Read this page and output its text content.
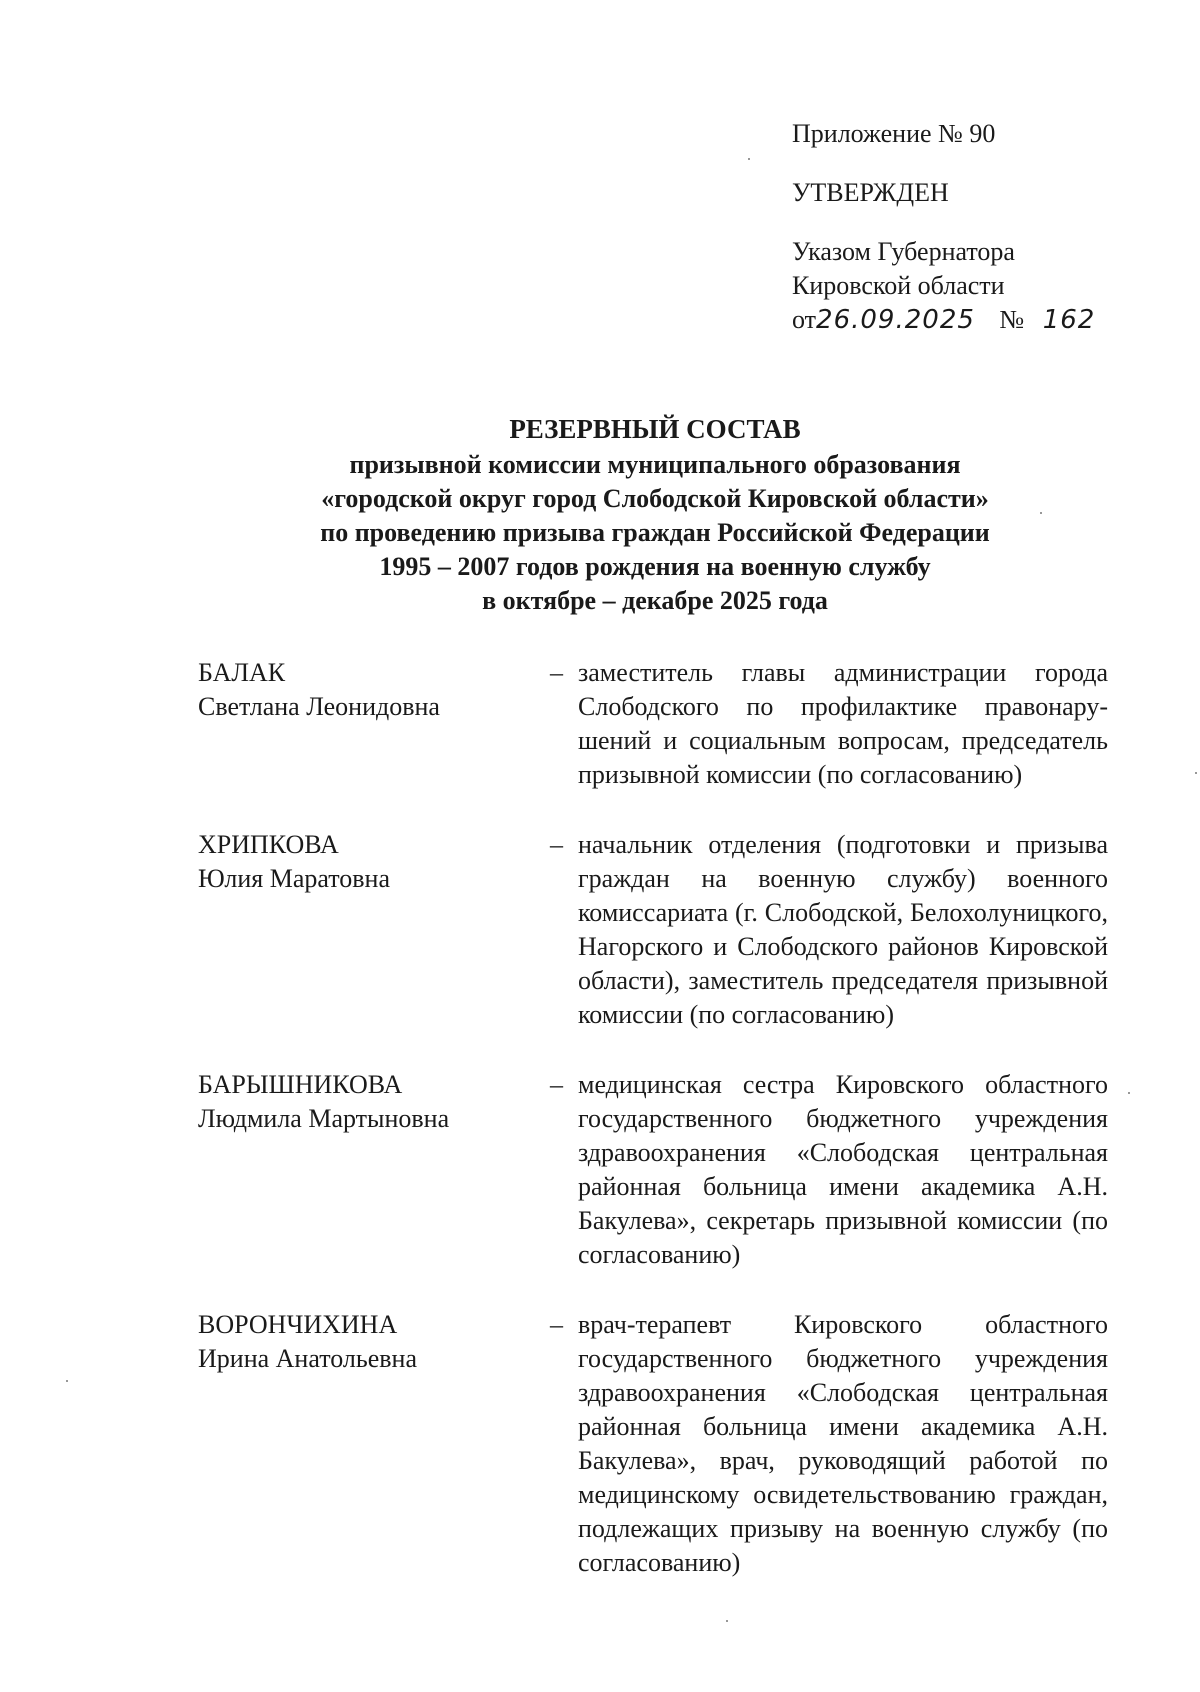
Приложение № 90
УТВЕРЖДЕН
Указом Губернатора
Кировской области
от26.09.2025 № 162
РЕЗЕРВНЫЙ СОСТАВ
призывной комиссии муниципального образования
«городской округ город Слободской Кировской области»
по проведению призыва граждан Российской Федерации
1995 – 2007 годов рождения на военную службу
в октябре – декабре 2025 года
БАЛАК
Светлана Леонидовна
– заместитель главы администрации города Слободского по профилактике правонарушений и социальным вопросам, председатель призывной комиссии (по согласованию)
ХРИПКОВА
Юлия Маратовна
– начальник отделения (подготовки и призыва граждан на военную службу) военного комиссариата (г. Слободской, Белохолуницкого, Нагорского и Слободского районов Кировской области), заместитель председателя призывной комиссии (по согласованию)
БАРЫШНИКОВА
Людмила Мартыновна
– медицинская сестра Кировского областного государственного бюджетного учреждения здравоохранения «Слободская центральная районная больница имени академика А.Н. Бакулева», секретарь призывной комиссии (по согласованию)
ВОРОНЧИХИНА
Ирина Анатольевна
– врач-терапевт Кировского областного государственного бюджетного учреждения здравоохранения «Слободская центральная районная больница имени академика А.Н. Бакулева», врач, руководящий работой по медицинскому освидетельствованию граждан, подлежащих призыву на военную службу (по согласованию)
